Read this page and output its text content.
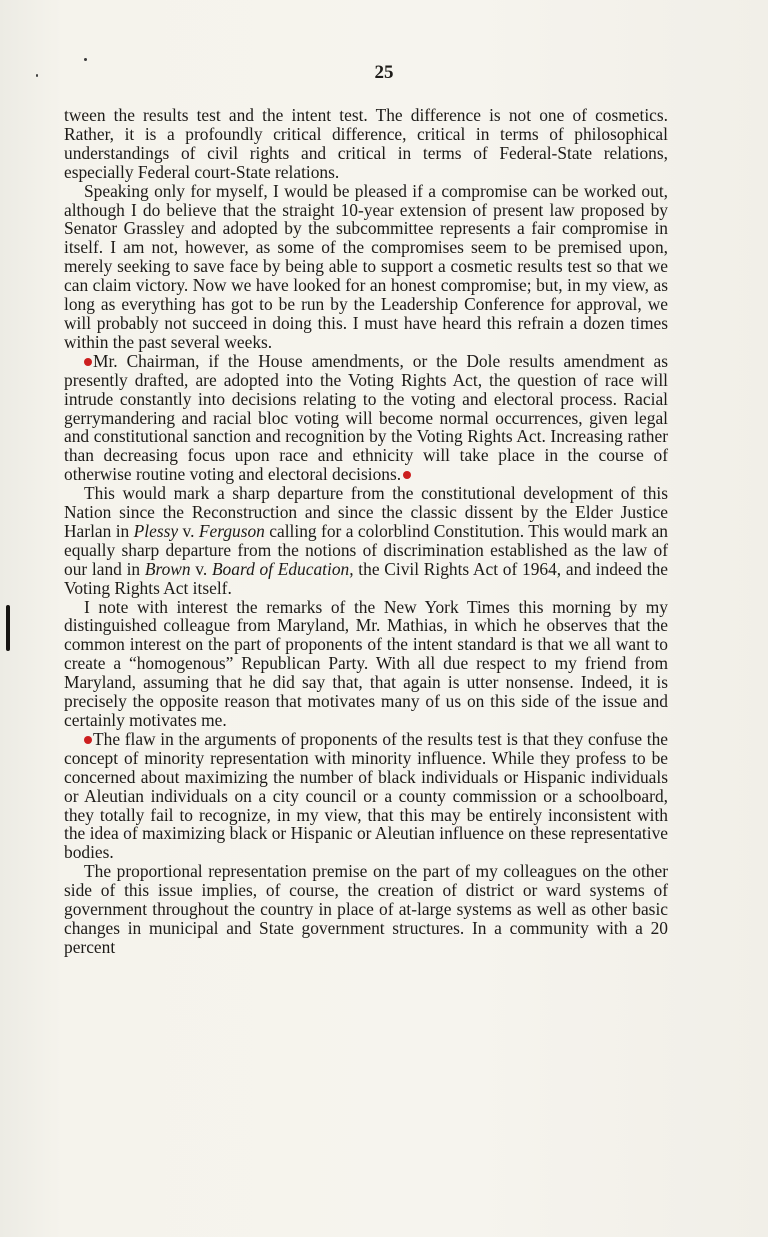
25

tween the results test and the intent test. The difference is not one of cosmetics. Rather, it is a profoundly critical difference, critical in terms of philosophical understandings of civil rights and critical in terms of Federal-State relations, especially Federal court-State relations.

Speaking only for myself, I would be pleased if a compromise can be worked out, although I do believe that the straight 10-year extension of present law proposed by Senator Grassley and adopted by the subcommittee represents a fair compromise in itself. I am not, however, as some of the compromises seem to be premised upon, merely seeking to save face by being able to support a cosmetic results test so that we can claim victory. Now we have looked for an honest compromise; but, in my view, as long as everything has got to be run by the Leadership Conference for approval, we will probably not succeed in doing this. I must have heard this refrain a dozen times within the past several weeks.

Mr. Chairman, if the House amendments, or the Dole results amendment as presently drafted, are adopted into the Voting Rights Act, the question of race will intrude constantly into decisions relating to the voting and electoral process. Racial gerrymandering and racial bloc voting will become normal occurrences, given legal and constitutional sanction and recognition by the Voting Rights Act. Increasing rather than decreasing focus upon race and ethnicity will take place in the course of otherwise routine voting and electoral decisions.

This would mark a sharp departure from the constitutional development of this Nation since the Reconstruction and since the classic dissent by the Elder Justice Harlan in Plessy v. Ferguson calling for a colorblind Constitution. This would mark an equally sharp departure from the notions of discrimination established as the law of our land in Brown v. Board of Education, the Civil Rights Act of 1964, and indeed the Voting Rights Act itself.

I note with interest the remarks of the New York Times this morning by my distinguished colleague from Maryland, Mr. Mathias, in which he observes that the common interest on the part of proponents of the intent standard is that we all want to create a “homogenous” Republican Party. With all due respect to my friend from Maryland, assuming that he did say that, that again is utter nonsense. Indeed, it is precisely the opposite reason that motivates many of us on this side of the issue and certainly motivates me.

The flaw in the arguments of proponents of the results test is that they confuse the concept of minority representation with minority influence. While they profess to be concerned about maximizing the number of black individuals or Hispanic individuals or Aleutian individuals on a city council or a county commission or a schoolboard, they totally fail to recognize, in my view, that this may be entirely inconsistent with the idea of maximizing black or Hispanic or Aleutian influence on these representative bodies.

The proportional representation premise on the part of my colleagues on the other side of this issue implies, of course, the creation of district or ward systems of government throughout the country in place of at-large systems as well as other basic changes in municipal and State government structures. In a community with a 20 percent
